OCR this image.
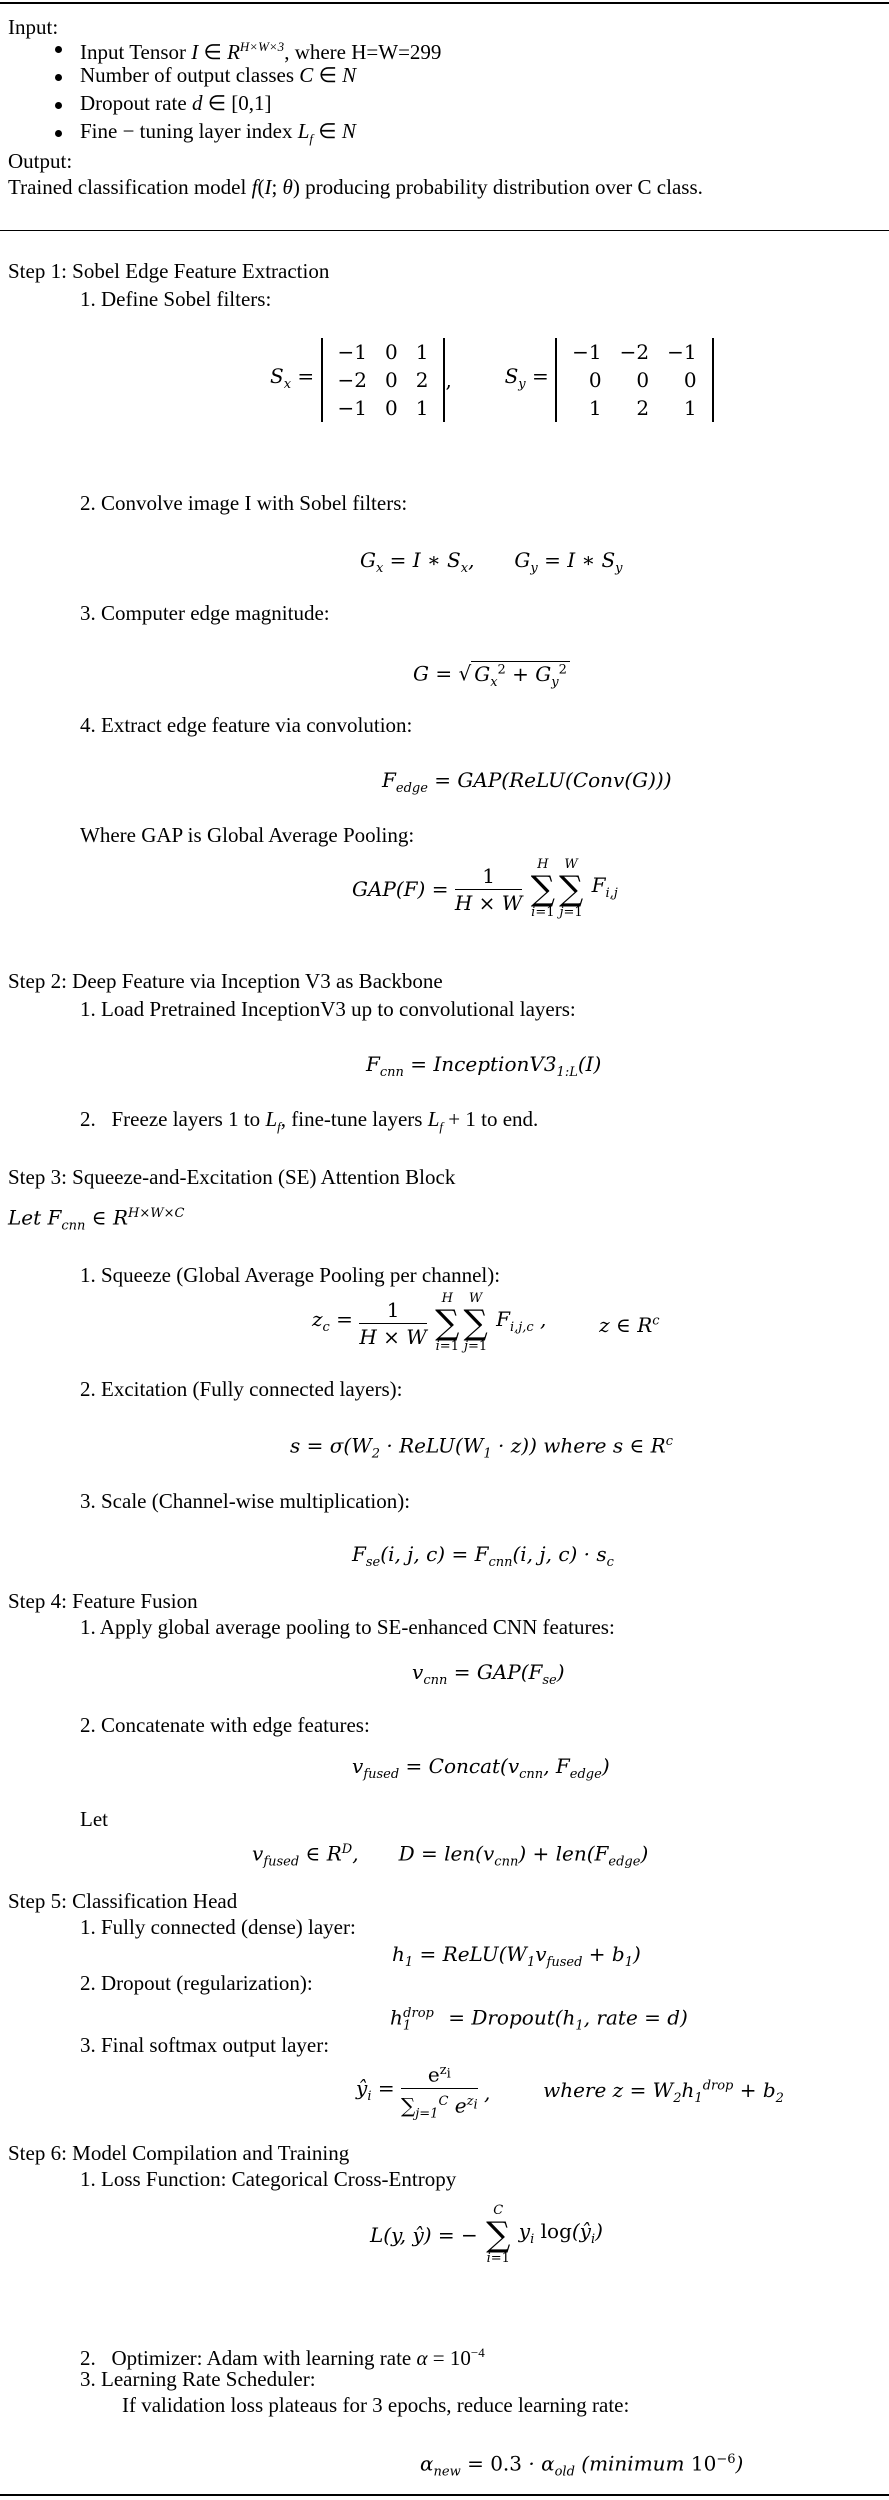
Input:
Input Tensor I ∈ $R^{H\times W\times 3}$, where H=W=299
Number of output classes C ∈ N
Dropout rate d ∈ [0,1]
Fine − tuning layer index $L_f$ ∈ N
Output:
Trained classification model f(I; θ) producing probability distribution over C class.
Step 1: Sobel Edge Feature Extraction
1. Define Sobel filters:
$S_x$ =
−1	0	1
−2	0	2
−1	0	1
,	$S_y$ =
−1	−2	−1
0	0	0
1	2	1
2. Convolve image I with Sobel filters:
$G_x = I$ ∗ $S_x$, $G_y = I$ ∗ $S_y$
3. Computer edge magnitude:
G = √ $G_x^2 + G_y^2$
4. Extract edge feature via convolution:
$F_{edge}$ = GAP(ReLU(Conv(G)))
Where GAP is Global Average Pooling:
$GAP(F) = \frac{1}{H \times W}$
	H
∑
i=1
W
∑
j=1
$F_{i,j}$
Step 2: Deep Feature via Inception V3 as Backbone
1. Load Pretrained InceptionV3 up to convolutional layers:
$F_{cnn}$ = $InceptionV3_{1:L}(I)$
2.   Freeze layers 1 to $L_f$, fine-tune layers $L_f + 1$ to end.
Step 3: Squeeze-and-Excitation (SE) Attention Block
Let $F_{cnn}$ ∈ $R^{H\times W\times C}$
1. Squeeze (Global Average Pooling per channel):
$z_c = \frac{1}{H \times W}$
	H
∑
i=1
W
∑
j=1
$F_{i,j,c}$ ,	z ∈ $R^c$
2. Excitation (Fully connected layers):
$s = \sigma(W_2$ · $ReLU(W_1 \cdot z)$) where s ∈ $R^c$
3. Scale (Channel-wise multiplication):
$F_{se}(i$, j, $c) = F_{cnn}(i$, j, $c) \cdot s_c$
Step 4: Feature Fusion
1. Apply global average pooling to SE-enhanced CNN features:
$v_{cnn} = GAP(F_{se})$
2. Concatenate with edge features:
$v_{fused}$ = $Concat(v_{cnn}$, $F_{edge}$)
Let
$v_{fused}$ ∈ $R^D$, $D = len(v_{cnn}) + len(F_{edge})$
Step 5: Classification Head
1. Fully connected (dense) layer:
$h_1$ = $ReLU(W_1v_{fused} + b_1)$
2. Dropout (regularization):
$h_1^{drop}$ = $Dropout(h_1$, rate = d)
3. Final softmax output layer:
$ŷ_i = \frac{e^{z_i}}{\sum_{j=1}^C e^{z_i}}$ ,	where $z = W_2h_1^{drop} + b_2$
Step 6: Model Compilation and Training
1. Loss Function: Categorical Cross-Entropy
L(y, ŷ) = −
C
∑
i=1
$y_i$ $\log(ŷ_i)$
2.   Optimizer: Adam with learning rate $\alpha = 10^{-4}$
3. Learning Rate Scheduler:
If validation loss plateaus for 3 epochs, reduce learning rate:
$\alpha_{new} = 0.3 \cdot \alpha_{old}$ (minimum $10^{-6}$)
